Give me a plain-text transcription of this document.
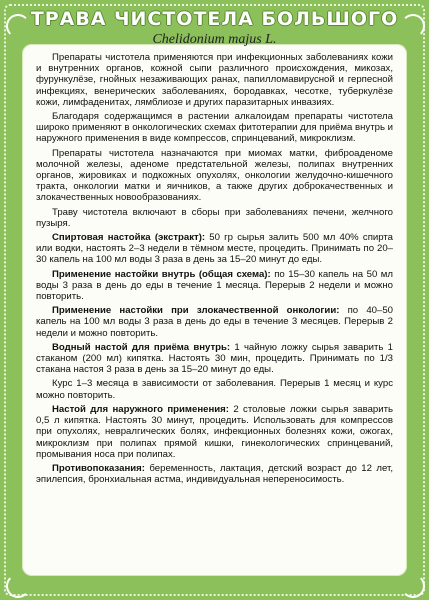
ТРАВА ЧИСТОТЕЛА БОЛЬШОГО
Chelidonium majus L.

Препараты чистотела применяются при инфекционных заболеваниях кожи и внутренних органов, кожной сыпи различного происхождения, микозах, фурункулёзе, гнойных незаживающих ранах, папилломавирусной и герпесной инфекциях, венерических заболеваниях, бородавках, чесотке, туберкулёзе кожи, лимфаденитах, лямблиозе и других паразитарных инвазиях.

Благодаря содержащимся в растении алкалоидам препараты чистотела широко применяют в онкологических схемах фитотерапии для приёма внутрь и наружного применения в виде компрессов, спринцеваний, микроклизм.

Препараты чистотела назначаются при миомах матки, фиброаденоме молочной железы, аденоме предстательной железы, полипах внутренних органов, жировиках и подкожных опухолях, онкологии желудочно-кишечного тракта, онкологии матки и яичников, а также других доброкачественных и злокачественных новообразованиях.

Траву чистотела включают в сборы при заболеваниях печени, желчного пузыря.

Спиртовая настойка (экстракт): 50 гр сырья залить 500 мл 40% спирта или водки, настоять 2–3 недели в тёмном месте, процедить. Принимать по 20–30 капель на 100 мл воды 3 раза в день за 15–20 минут до еды.

Применение настойки внутрь (общая схема): по 15–30 капель на 50 мл воды 3 раза в день до еды в течение 1 месяца. Перерыв 2 недели и можно повторить.

Применение настойки при злокачественной онкологии: по 40–50 капель на 100 мл воды 3 раза в день до еды в течение 3 месяцев. Перерыв 2 недели и можно повторить.

Водный настой для приёма внутрь: 1 чайную ложку сырья заварить 1 стаканом (200 мл) кипятка. Настоять 30 мин, процедить. Принимать по 1/3 стакана настоя 3 раза в день за 15–20 минут до еды.

Курс 1–3 месяца в зависимости от заболевания. Перерыв 1 месяц и курс можно повторить.

Настой для наружного применения: 2 столовые ложки сырья заварить 0,5 л кипятка. Настоять 30 минут, процедить. Использовать для компрессов при опухолях, невралгических болях, инфекционных болезнях кожи, ожогах, микроклизм при полипах прямой кишки, гинекологических спринцеваний, промывания носа при полипах.

Противопоказания: беременность, лактация, детский возраст до 12 лет, эпилепсия, бронхиальная астма, индивидуальная непереносимость.
